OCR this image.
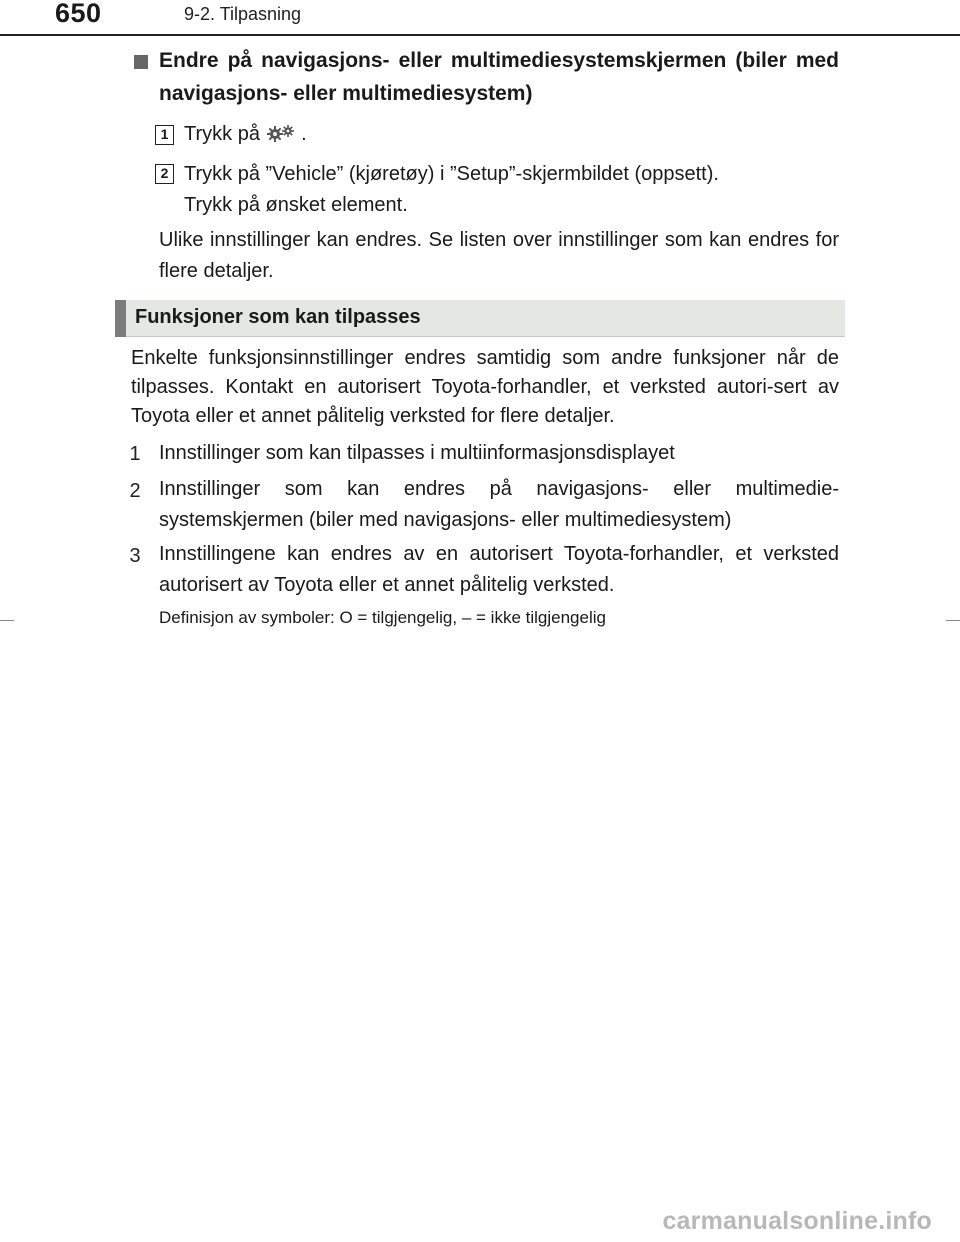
650	9-2. Tilpasning
Endre på navigasjons- eller multimediesystemskjermen (biler med navigasjons- eller multimediesystem)
1 Trykk på .
2 Trykk på ”Vehicle” (kjøretøy) i ”Setup”-skjermbildet (oppsett).
Trykk på ønsket element.
Ulike innstillinger kan endres. Se listen over innstillinger som kan endres for flere detaljer.
Funksjoner som kan tilpasses
Enkelte funksjonsinnstillinger endres samtidig som andre funksjoner når de tilpasses. Kontakt en autorisert Toyota-forhandler, et verksted autori-sert av Toyota eller et annet pålitelig verksted for flere detaljer.
1 Innstillinger som kan tilpasses i multiinformasjonsdisplayet
2 Innstillinger som kan endres på navigasjons- eller multimedie-systemskjermen (biler med navigasjons- eller multimediesystem)
3 Innstillingene kan endres av en autorisert Toyota-forhandler, et verksted autorisert av Toyota eller et annet pålitelig verksted.
Definisjon av symboler: O = tilgjengelig, – = ikke tilgjengelig
carmanualsonline.info
